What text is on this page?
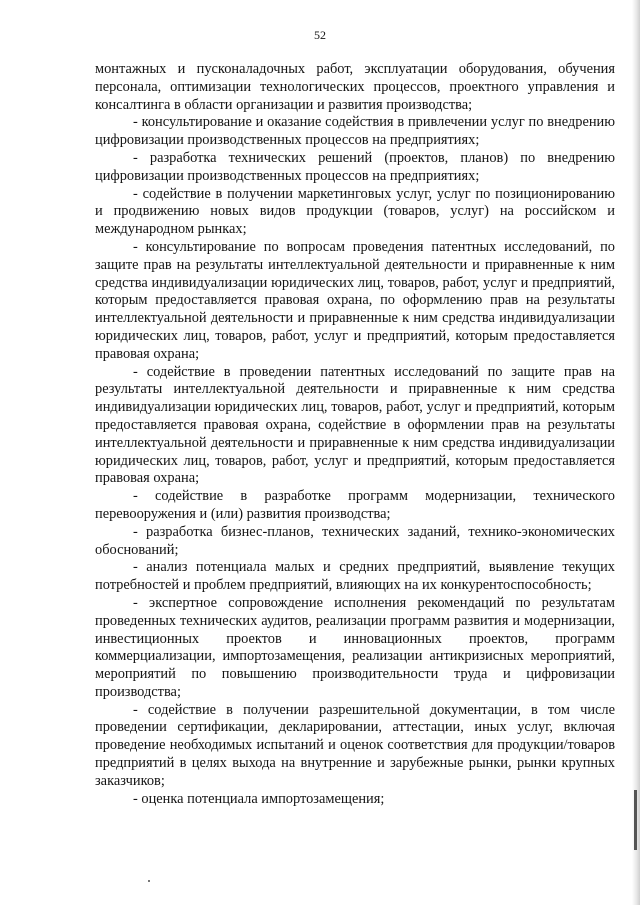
52

монтажных и пусконаладочных работ, эксплуатации оборудования, обучения персонала, оптимизации технологических процессов, проектного управления и консалтинга в области организации и развития производства;

- консультирование и оказание содействия в привлечении услуг по внедрению цифровизации производственных процессов на предприятиях;

- разработка технических решений (проектов, планов) по внедрению цифровизации производственных процессов на предприятиях;

- содействие в получении маркетинговых услуг, услуг по позиционированию и продвижению новых видов продукции (товаров, услуг) на российском и международном рынках;

- консультирование по вопросам проведения патентных исследований, по защите прав на результаты интеллектуальной деятельности и приравненные к ним средства индивидуализации юридических лиц, товаров, работ, услуг и предприятий, которым предоставляется правовая охрана, по оформлению прав на результаты интеллектуальной деятельности и приравненные к ним средства индивидуализации юридических лиц, товаров, работ, услуг и предприятий, которым предоставляется правовая охрана;

- содействие в проведении патентных исследований по защите прав на результаты интеллектуальной деятельности и приравненные к ним средства индивидуализации юридических лиц, товаров, работ, услуг и предприятий, которым предоставляется правовая охрана, содействие в оформлении прав на результаты интеллектуальной деятельности и приравненные к ним средства индивидуализации юридических лиц, товаров, работ, услуг и предприятий, которым предоставляется правовая охрана;

- содействие в разработке программ модернизации, технического перевооружения и (или) развития производства;

- разработка бизнес-планов, технических заданий, технико-экономических обоснований;

- анализ потенциала малых и средних предприятий, выявление текущих потребностей и проблем предприятий, влияющих на их конкурентоспособность;

- экспертное сопровождение исполнения рекомендаций по результатам проведенных технических аудитов, реализации программ развития и модернизации, инвестиционных проектов и инновационных проектов, программ коммерциализации, импортозамещения, реализации антикризисных мероприятий, мероприятий по повышению производительности труда и цифровизации производства;

- содействие в получении разрешительной документации, в том числе проведении сертификации, декларировании, аттестации, иных услуг, включая проведение необходимых испытаний и оценок соответствия для продукции/товаров предприятий в целях выхода на внутренние и зарубежные рынки, рынки крупных заказчиков;

- оценка потенциала импортозамещения;
